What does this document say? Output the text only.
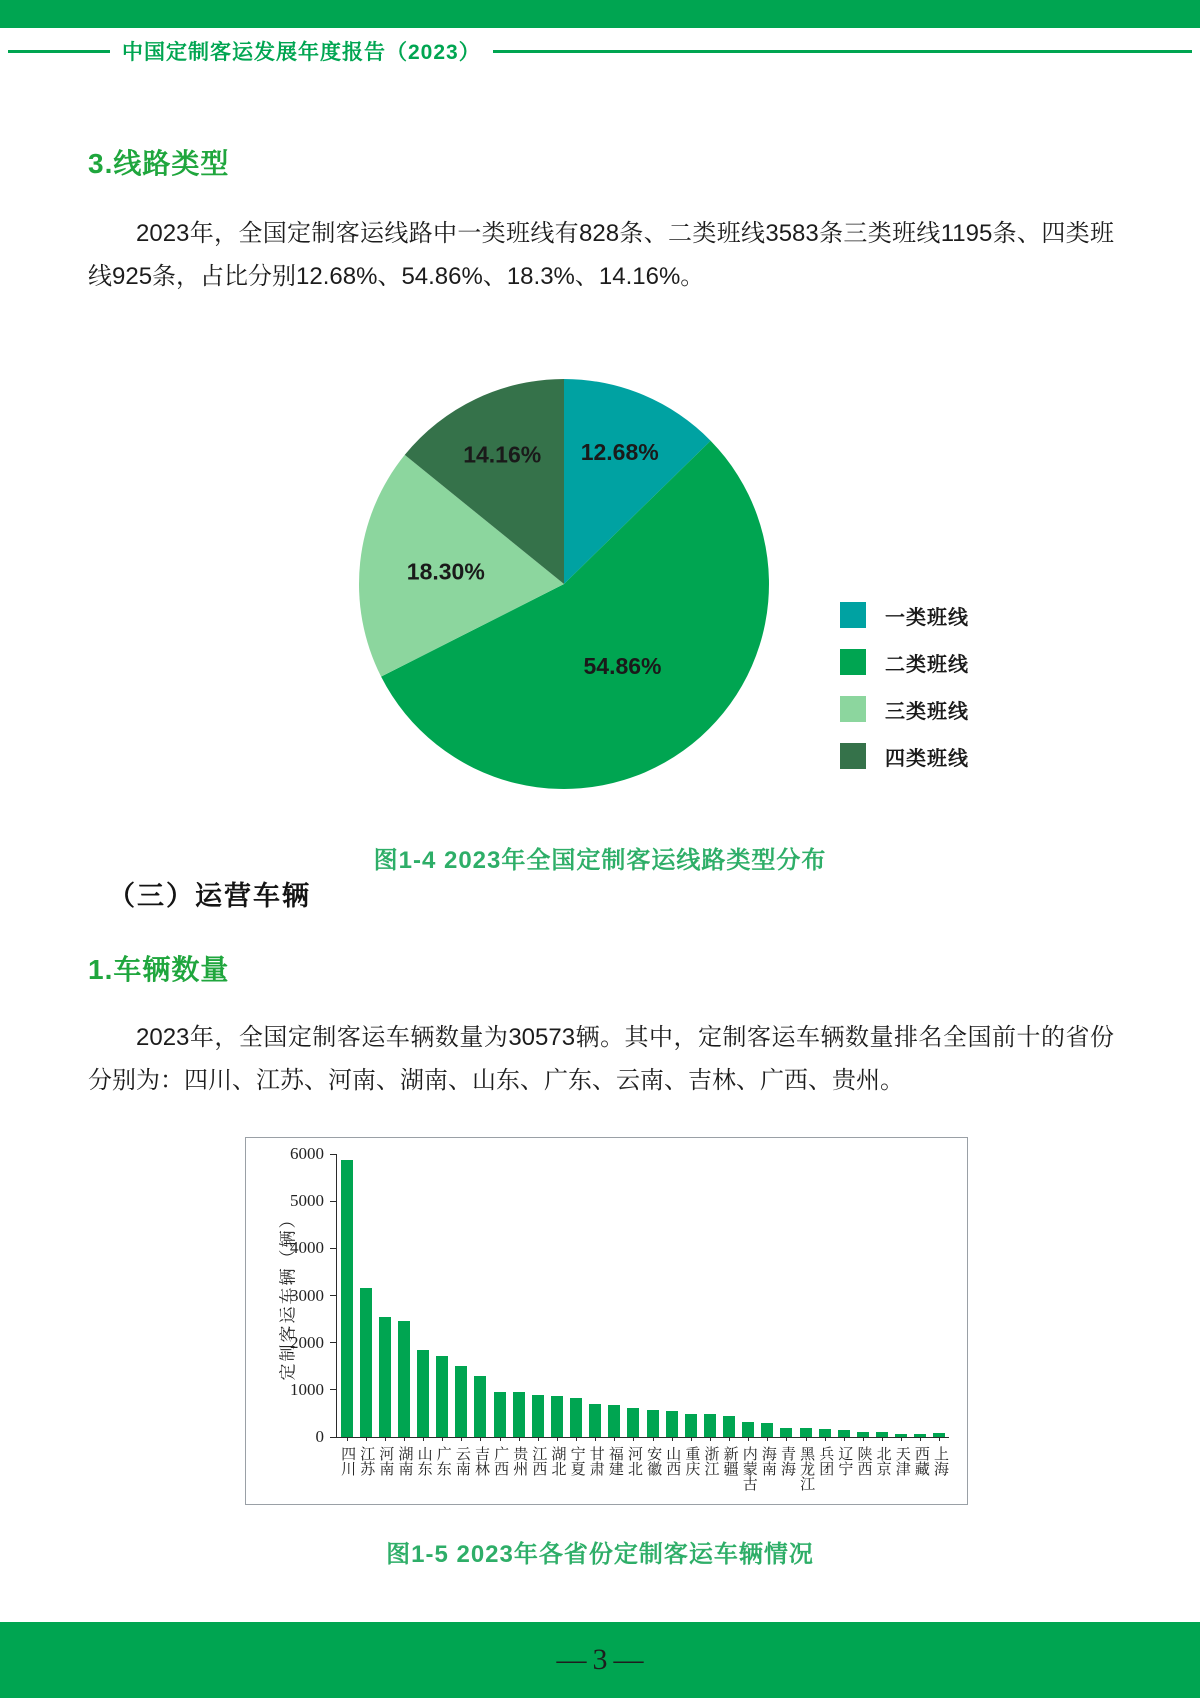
中国定制客运发展年度报告（2023）
3.线路类型

2023年，全国定制客运线路中一类班线有828条、二类班线3583条三类班线1195条、四类班线925条，占比分别12.68%、54.86%、18.3%、14.16%。

12.68%
54.86%
18.30%
14.16%
一类班线
二类班线
三类班线
四类班线
图1-4 2023年全国定制客运线路类型分布
（三）运营车辆
1.车辆数量

2023年，全国定制客运车辆数量为30573辆。其中，定制客运车辆数量排名全国前十的省份分别为：四川、江苏、河南、湖南、山东、广东、云南、吉林、广西、贵州。

定制客运车辆（辆）
0
1000
2000
3000
4000
5000
6000
四川 江苏 河南 湖南 山东 广东 云南 吉林 广西 贵州 江西 湖北 宁夏 甘肃 福建 河北 安徽 山西 重庆 浙江 新疆 内蒙古 海南 青海 黑龙江 兵团 辽宁 陕西 北京 天津 西藏 上海
图1-5 2023年各省份定制客运车辆情况
— 3 —
